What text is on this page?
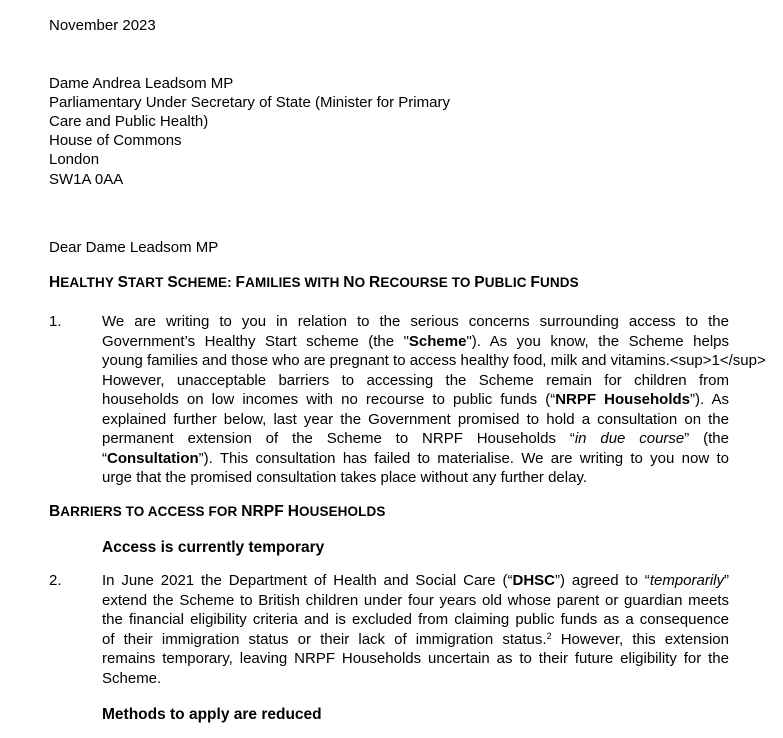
November 2023
Dame Andrea Leadsom MP
Parliamentary Under Secretary of State (Minister for Primary
Care and Public Health)
House of Commons
London
SW1A 0AA
Dear Dame Leadsom MP
HEALTHY START SCHEME: FAMILIES WITH NO RECOURSE TO PUBLIC FUNDS
1.	We are writing to you in relation to the serious concerns surrounding access to the
Government’s Healthy Start scheme (the "Scheme"). As you know, the Scheme helps
young families and those who are pregnant to access healthy food, milk and vitamins.<sup>1</sup>
However, unacceptable barriers to accessing the Scheme remain for children from
households on low incomes with no recourse to public funds (“NRPF Households”). As
explained further below, last year the Government promised to hold a consultation on the
permanent extension of the Scheme to NRPF Households “in due course” (the
“Consultation”). This consultation has failed to materialise. We are writing to you now to
urge that the promised consultation takes place without any further delay.
BARRIERS TO ACCESS FOR NRPF HOUSEHOLDS
Access is currently temporary
2.	In June 2021 the Department of Health and Social Care (“DHSC”) agreed to “temporarily”
extend the Scheme to British children under four years old whose parent or guardian meets
the financial eligibility criteria and is excluded from claiming public funds as a consequence
of their immigration status or their lack of immigration status.$^2$ However, this extension
remains temporary, leaving NRPF Households uncertain as to their future eligibility for the
Scheme.
Methods to apply are reduced
